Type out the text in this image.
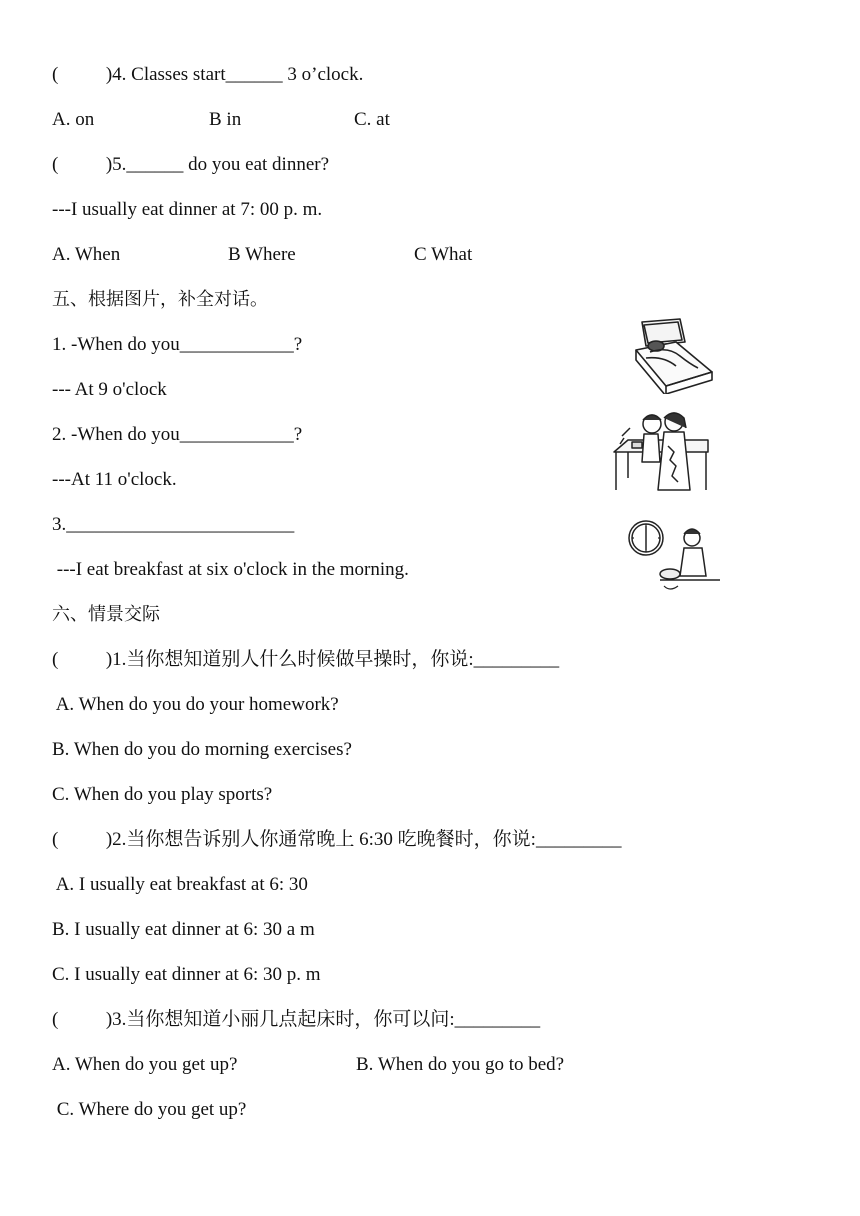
(          )4. Classes start______ 3 o’clock.
A. on	B in	C. at
(          )5.______ do you eat dinner?
---I usually eat dinner at 7: 00 p. m.
A. When	B Where	C What
五、根据图片，补全对话。
1. -When do you____________?
--- At 9 o'clock
2. -When do you____________?
---At 11 o'clock.
3.________________________
---I eat breakfast at six o'clock in the morning.
六、情景交际
(          )1.当你想知道别人什么时候做早操时，你说:_________
A. When do you do your homework?
B. When do you do morning exercises?
C. When do you play sports?
(          )2.当你想告诉别人你通常晚上 6:30 吃晚餐时，你说:_________
A. I usually eat breakfast at 6: 30
B. I usually eat dinner at 6: 30 a m
C. I usually eat dinner at 6: 30 p. m
(          )3.当你想知道小丽几点起床时，你可以问:_________
A. When do you get up?	B. When do you go to bed?
C. Where do you get up?
